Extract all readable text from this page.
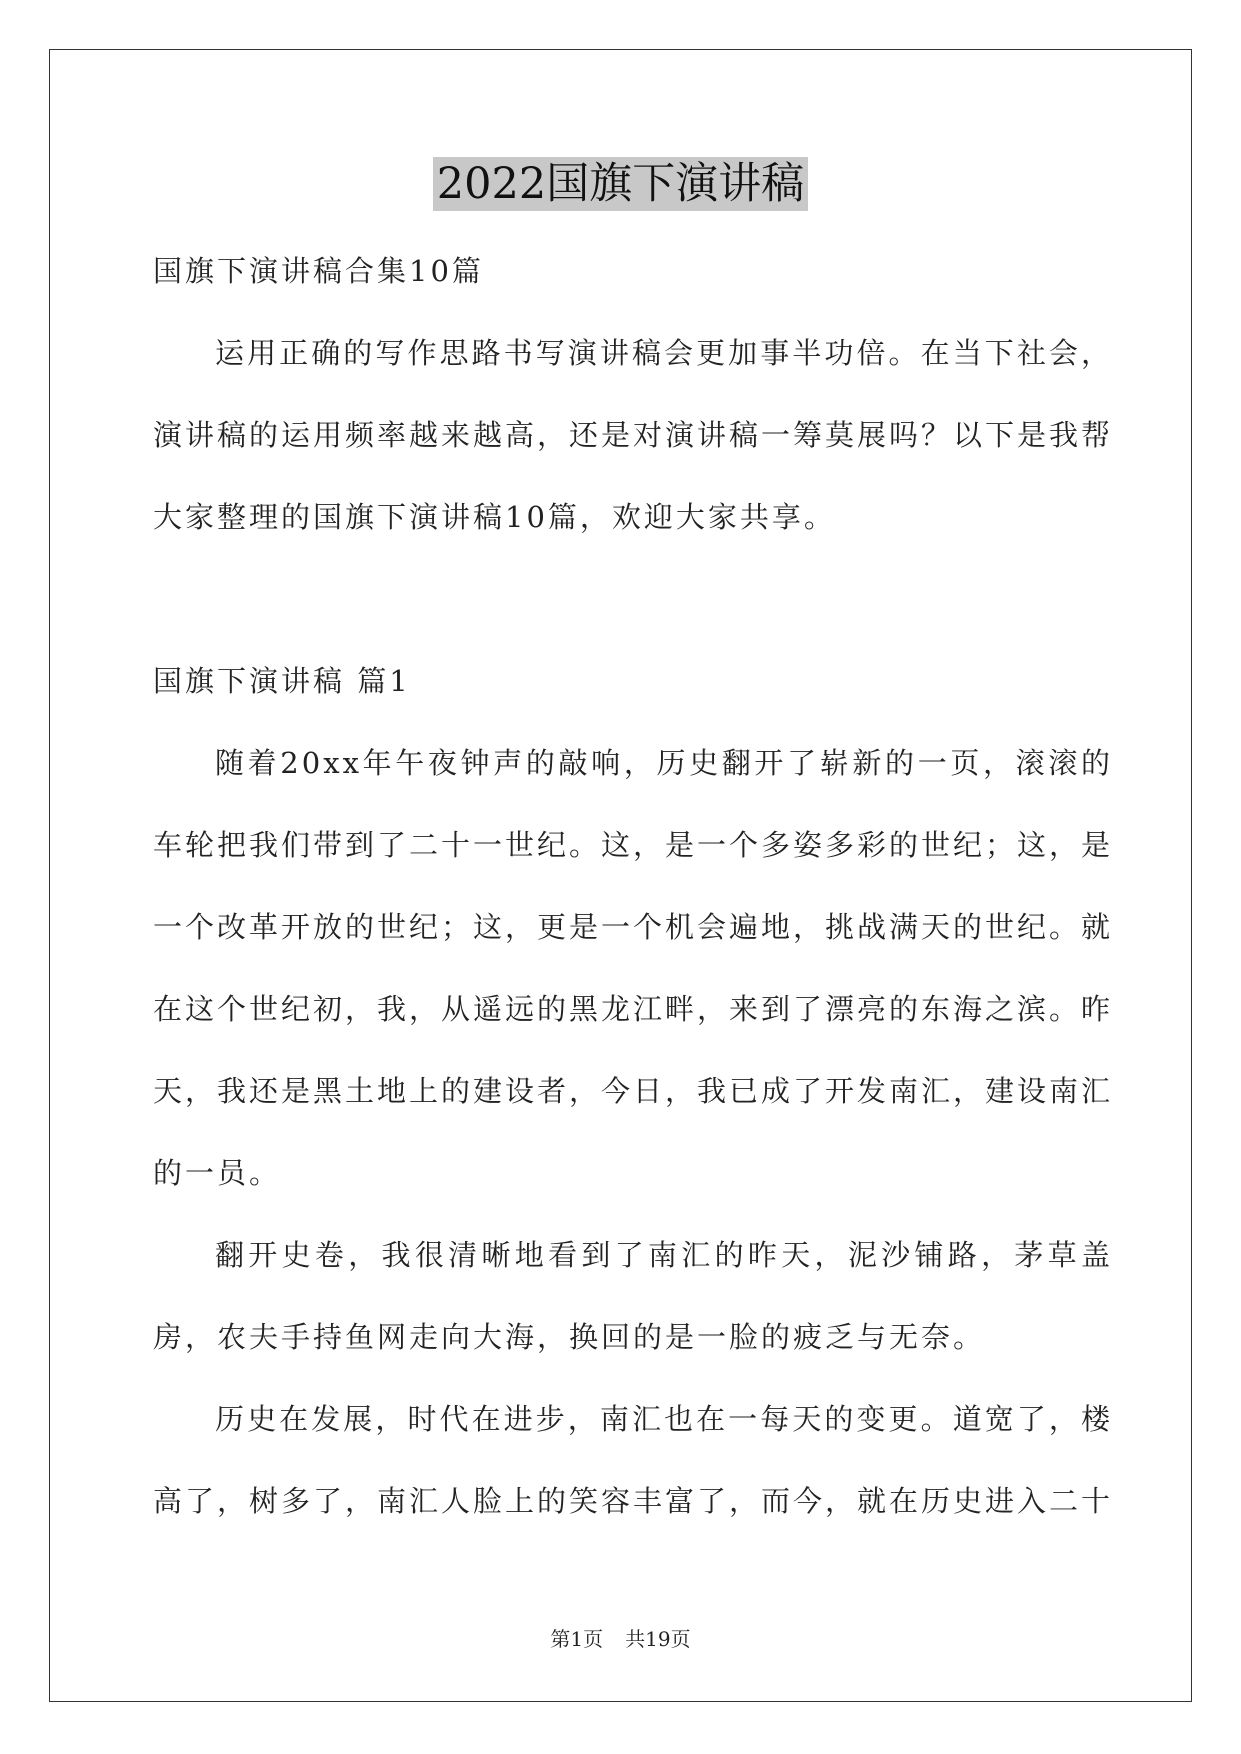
2022国旗下演讲稿

国旗下演讲稿合集10篇

运用正确的写作思路书写演讲稿会更加事半功倍。在当下社会，演讲稿的运用频率越来越高，还是对演讲稿一筹莫展吗？以下是我帮大家整理的国旗下演讲稿10篇，欢迎大家共享。

国旗下演讲稿 篇1

随着20xx年午夜钟声的敲响，历史翻开了崭新的一页，滚滚的车轮把我们带到了二十一世纪。这，是一个多姿多彩的世纪；这，是一个改革开放的世纪；这，更是一个机会遍地，挑战满天的世纪。就在这个世纪初，我，从遥远的黑龙江畔，来到了漂亮的东海之滨。昨天，我还是黑土地上的建设者，今日，我已成了开发南汇，建设南汇的一员。

翻开史卷，我很清晰地看到了南汇的昨天，泥沙铺路，茅草盖房，农夫手持鱼网走向大海，换回的是一脸的疲乏与无奈。

历史在发展，时代在进步，南汇也在一每天的变更。道宽了，楼高了，树多了，南汇人脸上的笑容丰富了，而今，就在历史进入二十

第1页 共19页
